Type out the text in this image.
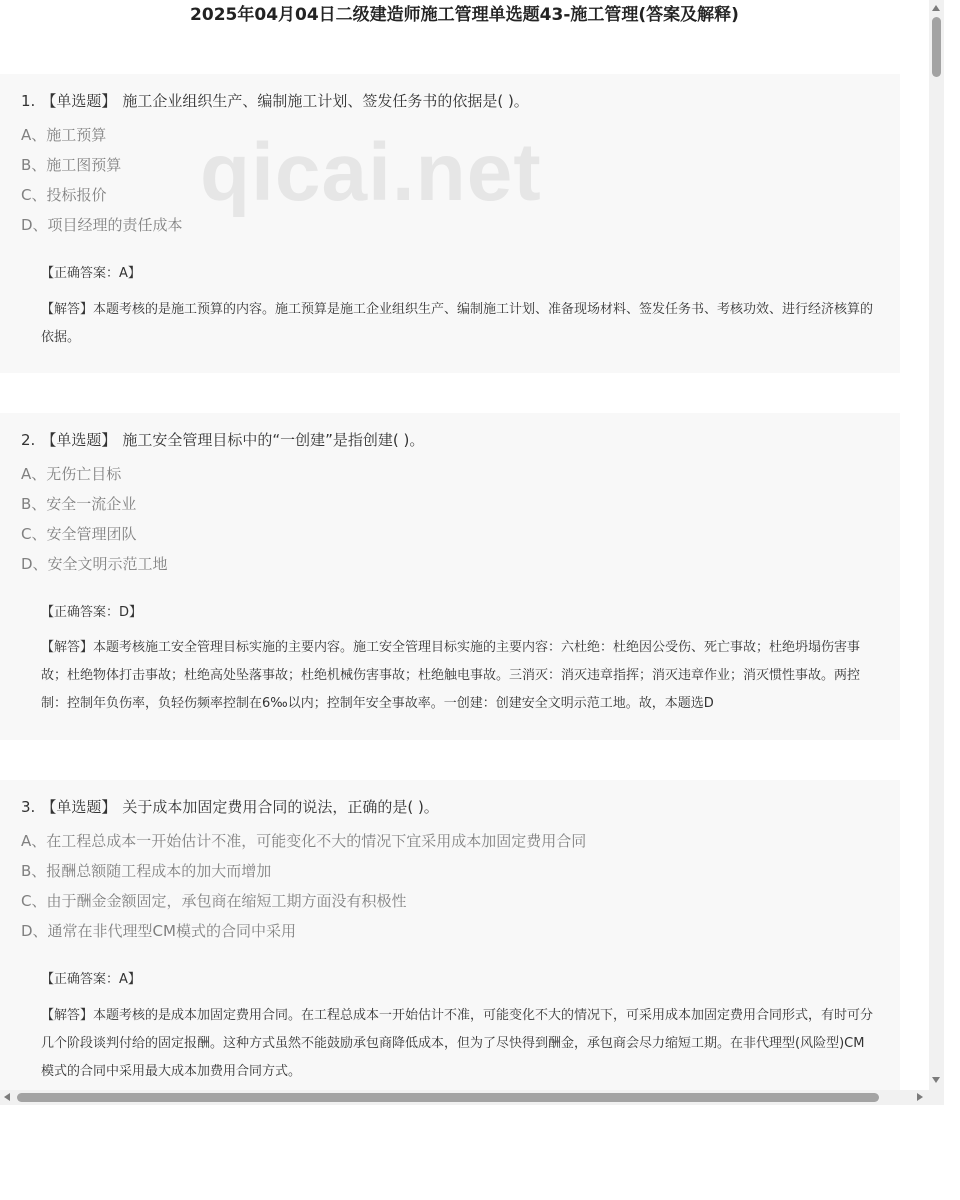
2025年04月04日二级建造师施工管理单选题43-施工管理(答案及解释)
qicai.net
1. 【单选题】 施工企业组织生产、编制施工计划、签发任务书的依据是( )。
A、施工预算
B、施工图预算
C、投标报价
D、项目经理的责任成本
【正确答案：A】
【解答】本题考核的是施工预算的内容。施工预算是施工企业组织生产、编制施工计划、准备现场材料、签发任务书、考核功效、进行经济核算的依据。
2. 【单选题】 施工安全管理目标中的“一创建”是指创建( )。
A、无伤亡目标
B、安全一流企业
C、安全管理团队
D、安全文明示范工地
【正确答案：D】
【解答】本题考核施工安全管理目标实施的主要内容。施工安全管理目标实施的主要内容：六杜绝：杜绝因公受伤、死亡事故；杜绝坍塌伤害事故；杜绝物体打击事故；杜绝高处坠落事故；杜绝机械伤害事故；杜绝触电事故。三消灭：消灭违章指挥；消灭违章作业；消灭惯性事故。两控制：控制年负伤率，负轻伤频率控制在6‰以内；控制年安全事故率。一创建：创建安全文明示范工地。故，本题选D
3. 【单选题】 关于成本加固定费用合同的说法，正确的是( )。
A、在工程总成本一开始估计不准，可能变化不大的情况下宜采用成本加固定费用合同
B、报酬总额随工程成本的加大而增加
C、由于酬金金额固定，承包商在缩短工期方面没有积极性
D、通常在非代理型CM模式的合同中采用
【正确答案：A】
【解答】本题考核的是成本加固定费用合同。在工程总成本一开始估计不准，可能变化不大的情况下，可采用成本加固定费用合同形式，有时可分几个阶段谈判付给的固定报酬。这种方式虽然不能鼓励承包商降低成本，但为了尽快得到酬金，承包商会尽力缩短工期。在非代理型(风险型)CM模式的合同中采用最大成本加费用合同方式。
